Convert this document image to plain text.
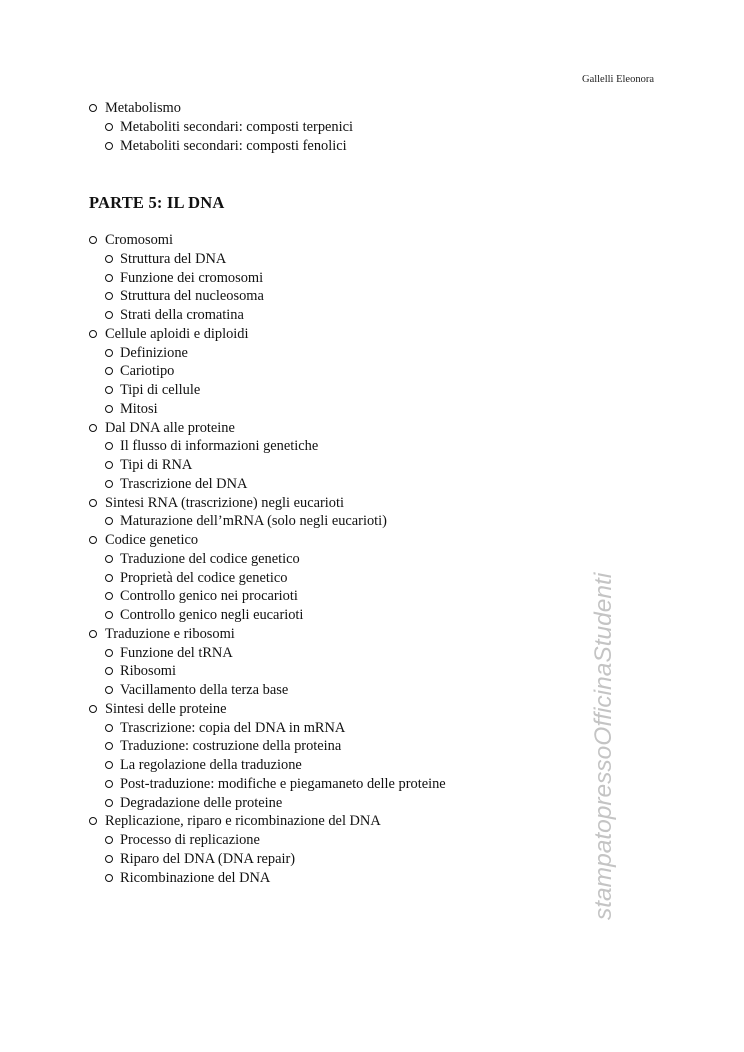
Gallelli Eleonora
Metabolismo
Metaboliti secondari: composti terpenici
Metaboliti secondari: composti fenolici
PARTE 5: IL DNA
Cromosomi
Struttura del DNA
Funzione dei cromosomi
Struttura del nucleosoma
Strati della cromatina
Cellule aploidi e diploidi
Definizione
Cariotipo
Tipi di cellule
Mitosi
Dal DNA alle proteine
Il flusso di informazioni genetiche
Tipi di RNA
Trascrizione del DNA
Sintesi RNA (trascrizione) negli eucarioti
Maturazione dell’mRNA (solo negli eucarioti)
Codice genetico
Traduzione del codice genetico
Proprietà del codice genetico
Controllo genico nei procarioti
Controllo genico negli eucarioti
Traduzione e ribosomi
Funzione del tRNA
Ribosomi
Vacillamento della terza base
Sintesi delle proteine
Trascrizione: copia del DNA in mRNA
Traduzione: costruzione della proteina
La regolazione della traduzione
Post-traduzione: modifiche e piegamaneto delle proteine
Degradazione delle proteine
Replicazione, riparo e ricombinazione del DNA
Processo di replicazione
Riparo del DNA (DNA repair)
Ricombinazione del DNA	stampatopressoOfficinaStudenti
